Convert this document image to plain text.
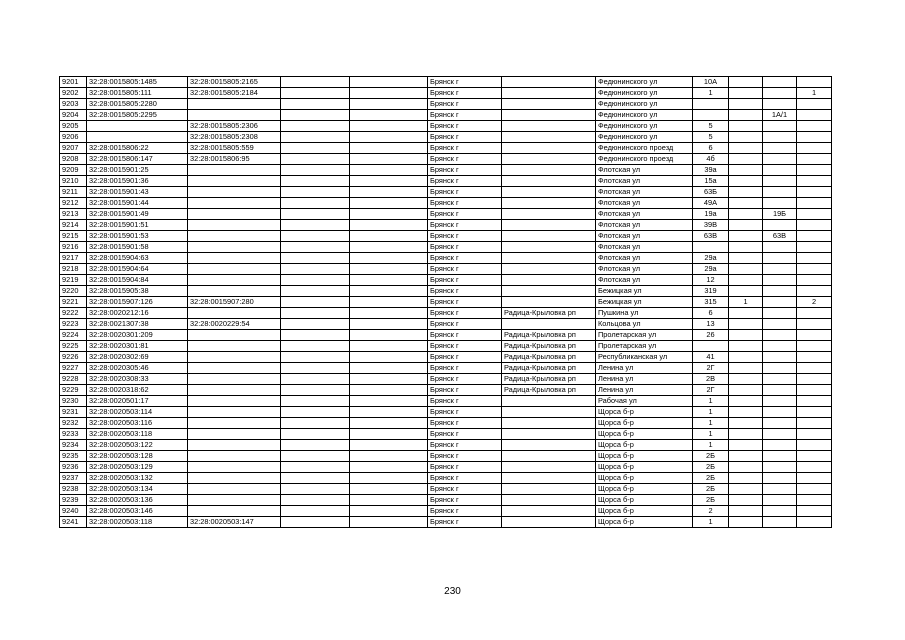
9201	32:28:0015805:1485	32:28:0015805:2165			Брянск г		Федюнинского ул	10А			
9202	32:28:0015805:111	32:28:0015805:2184			Брянск г		Федюнинского ул	1			1
9203	32:28:0015805:2280				Брянск г		Федюнинского ул				
9204	32:28:0015805:2295				Брянск г		Федюнинского ул			1А/1	
9205		32:28:0015805:2306			Брянск г		Федюнинского ул	5			
9206		32:28:0015805:2308			Брянск г		Федюнинского ул	5			
9207	32:28:0015806:22	32:28:0015805:559			Брянск г		Федюнинского проезд	6			
9208	32:28:0015806:147	32:28:0015806:95			Брянск г		Федюнинского проезд	4б			
9209	32:28:0015901:25				Брянск г		Флотская ул	39а			
9210	32:28:0015901:36				Брянск г		Флотская ул	15а			
9211	32:28:0015901:43				Брянск г		Флотская ул	63Б			
9212	32:28:0015901:44				Брянск г		Флотская ул	49А			
9213	32:28:0015901:49				Брянск г		Флотская ул	19а		19Б	
9214	32:28:0015901:51				Брянск г		Флотская ул	39В			
9215	32:28:0015901:53				Брянск г		Флотская ул	63В		63В	
9216	32:28:0015901:58				Брянск г		Флотская ул				
9217	32:28:0015904:63				Брянск г		Флотская ул	29а			
9218	32:28:0015904:64				Брянск г		Флотская ул	29а			
9219	32:28:0015904:84				Брянск г		Флотская ул	12			
9220	32:28:0015905:38				Брянск г		Бежицкая ул	319			
9221	32:28:0015907:126	32:28:0015907:280			Брянск г		Бежицкая ул	315	1		2
9222	32:28:0020212:16				Брянск г	Радица-Крыловка рп	Пушкина ул	6			
9223	32:28:0021307:38	32:28:0020229:54			Брянск г		Кольцова ул	13			
9224	32:28:0020301:209				Брянск г	Радица-Крыловка рп	Пролетарская ул	26			
9225	32:28:0020301:81				Брянск г	Радица-Крыловка рп	Пролетарская ул				
9226	32:28:0020302:69				Брянск г	Радица-Крыловка рп	Республиканская ул	41			
9227	32:28:0020305:46				Брянск г	Радица-Крыловка рп	Ленина ул	2Г			
9228	32:28:0020308:33				Брянск г	Радица-Крыловка рп	Ленина ул	2В			
9229	32:28:0020318:62				Брянск г	Радица-Крыловка рп	Ленина ул	2Г			
9230	32:28:0020501:17				Брянск г		Рабочая ул	1			
9231	32:28:0020503:114				Брянск г		Щорса б-р	1			
9232	32:28:0020503:116				Брянск г		Щорса б-р	1			
9233	32:28:0020503:118				Брянск г		Щорса б-р	1			
9234	32:28:0020503:122				Брянск г		Щорса б-р	1			
9235	32:28:0020503:128				Брянск г		Щорса б-р	2Б			
9236	32:28:0020503:129				Брянск г		Щорса б-р	2Б			
9237	32:28:0020503:132				Брянск г		Щорса б-р	2Б			
9238	32:28:0020503:134				Брянск г		Щорса б-р	2Б			
9239	32:28:0020503:136				Брянск г		Щорса б-р	2Б			
9240	32:28:0020503:146				Брянск г		Щорса б-р	2			
9241	32:28:0020503:118	32:28:0020503:147			Брянск г		Щорса б-р	1			
230
